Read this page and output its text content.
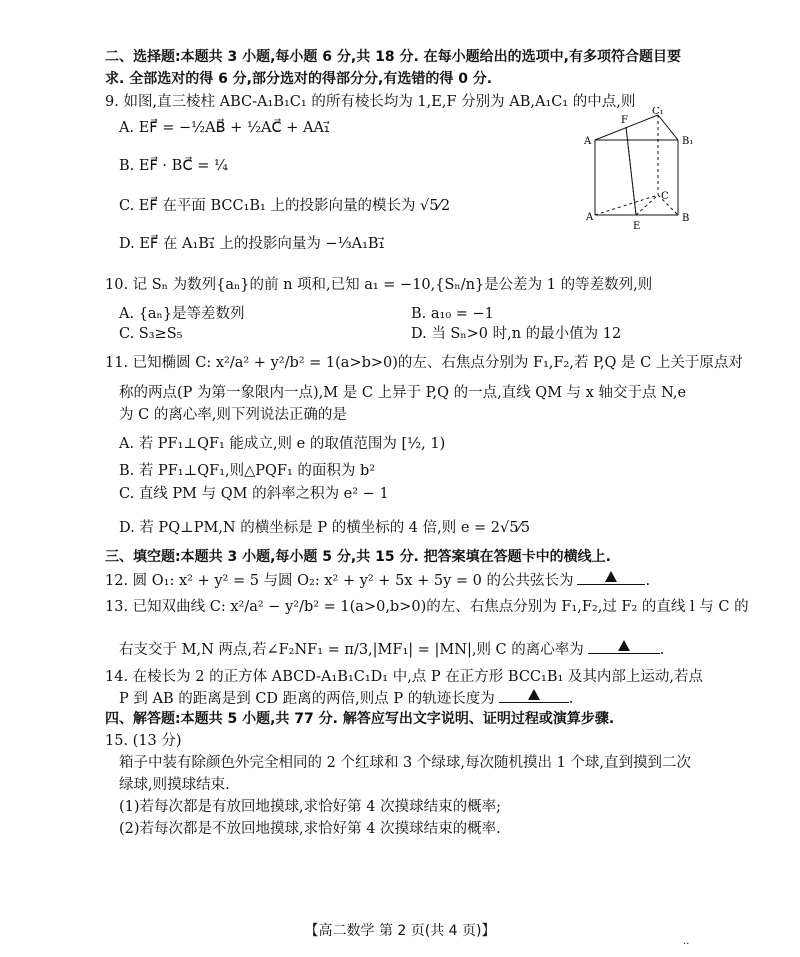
二、选择题:本题共 3 小题,每小题 6 分,共 18 分. 在每小题给出的选项中,有多项符合题目要
求. 全部选对的得 6 分,部分选对的得部分分,有选错的得 0 分.
9. 如图,直三棱柱 ABC-A₁B₁C₁ 的所有棱长均为 1,E,F 分别为 AB,A₁C₁ 的中点,则
A. EF⃗ = −½AB⃗ + ½AC⃗ + AA₁⃗
B. EF⃗ · BC⃗ = ¼
C. EF⃗ 在平面 BCC₁B₁ 上的投影向量的模长为 √5⁄2
D. EF⃗ 在 A₁B₁⃗ 上的投影向量为 −⅓A₁B₁⃗
A
F
C₁
B₁
C
A
E
B
10. 记 Sₙ 为数列{aₙ}的前 n 项和,已知 a₁ = −10,{Sₙ/n}是公差为 1 的等差数列,则
A. {aₙ}是等差数列	B. a₁₀ = −1
C. S₃≥S₅	D. 当 Sₙ>0 时,n 的最小值为 12
11. 已知椭圆 C: x²/a² + y²/b² = 1(a>b>0)的左、右焦点分别为 F₁,F₂,若 P,Q 是 C 上关于原点对
称的两点(P 为第一象限内一点),M 是 C 上异于 P,Q 的一点,直线 QM 与 x 轴交于点 N,e
为 C 的离心率,则下列说法正确的是
A. 若 PF₁⊥QF₁ 能成立,则 e 的取值范围为 [½, 1)
B. 若 PF₁⊥QF₁,则△PQF₁ 的面积为 b²
C. 直线 PM 与 QM 的斜率之积为 e² − 1
D. 若 PQ⊥PM,N 的横坐标是 P 的横坐标的 4 倍,则 e = 2√5⁄5
三、填空题:本题共 3 小题,每小题 5 分,共 15 分. 把答案填在答题卡中的横线上.
12. 圆 O₁: x² + y² = 5 与圆 O₂: x² + y² + 5x + 5y = 0 的公共弦长为	.
13. 已知双曲线 C: x²/a² − y²/b² = 1(a>0,b>0)的左、右焦点分别为 F₁,F₂,过 F₂ 的直线 l 与 C 的
右支交于 M,N 两点,若∠F₂NF₁ = π/3,|MF₁| = |MN|,则 C 的离心率为	.
14. 在棱长为 2 的正方体 ABCD-A₁B₁C₁D₁ 中,点 P 在正方形 BCC₁B₁ 及其内部上运动,若点
P 到 AB 的距离是到 CD 距离的两倍,则点 P 的轨迹长度为	.
四、解答题:本题共 5 小题,共 77 分. 解答应写出文字说明、证明过程或演算步骤.
15. (13 分)
箱子中装有除颜色外完全相同的 2 个红球和 3 个绿球,每次随机摸出 1 个球,直到摸到二次
绿球,则摸球结束.
(1)若每次都是有放回地摸球,求恰好第 4 次摸球结束的概率;
(2)若每次都是不放回地摸球,求恰好第 4 次摸球结束的概率.
【高二数学 第 2 页(共 4 页)】
..
